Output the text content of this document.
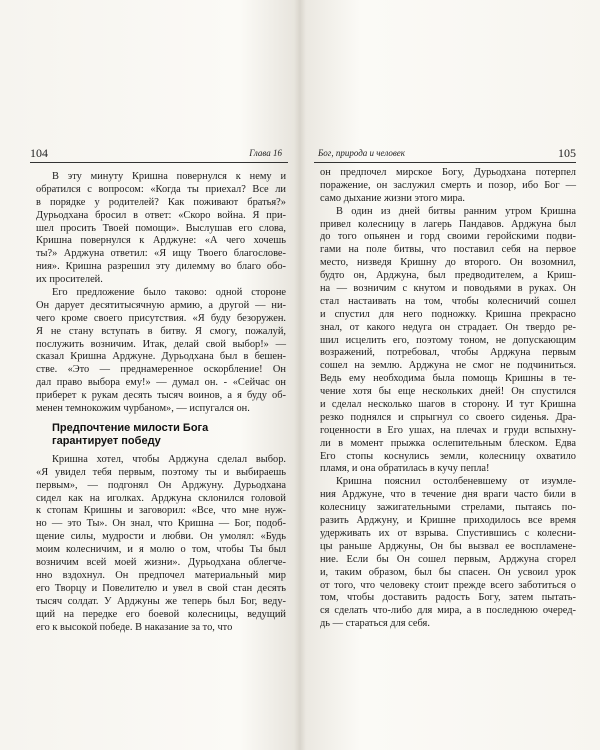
104	Глава 16
В эту минуту Кришна повернулся к нему и
обратился с вопросом: «Когда ты приехал? Все ли
в порядке у родителей? Как поживают братья?»
Дурьодхана бросил в ответ: «Скоро война. Я при-
шел просить Твоей помощи». Выслушав его слова,
Кришна повернулся к Арджуне: «А чего хочешь
ты?» Арджуна ответил: «Я ищу Твоего благослове-
ния». Кришна разрешил эту дилемму во благо обо-
их просителей.
Его предложение было таково: одной стороне
Он дарует десятитысячную армию, а другой — ни-
чего кроме своего присутствия. «Я буду безоружен.
Я не стану вступать в битву. Я смогу, пожалуй,
послужить возничим. Итак, делай свой выбор!» —
сказал Кришна Арджуне. Дурьодхана был в бешен-
стве. «Это — преднамеренное оскорбление! Он
дал право выбора ему!» — думал он. - «Сейчас он
приберет к рукам десять тысяч воинов, а я буду об-
менен темнокожим чурбаном», — испугался он.
Предпочтение милости Бога
гарантирует победу
Кришна хотел, чтобы Арджуна сделал выбор.
«Я увидел тебя первым, поэтому ты и выбираешь
первым», — подгонял Он Арджуну. Дурьодхана
сидел как на иголках. Арджуна склонился головой
к стопам Кришны и заговорил: «Все, что мне нуж-
но — это Ты». Он знал, что Кришна — Бог, подоб-
щение силы, мудрости и любви. Он умолял: «Будь
моим колесничим, и я молю о том, чтобы Ты был
возничим всей моей жизни». Дурьодхана облегче-
нно вздохнул. Он предпочел материальный мир
его Творцу и Повелителю и увел в свой стан десять
тысяч солдат. У Арджуны же теперь был Бог, веду-
щий на передке его боевой колесницы, ведущий
его к высокой победе. В наказание за то, что
Бог, природа и человек	105
он предпочел мирское Богу, Дурьодхана потерпел
поражение, он заслужил смерть и позор, ибо Бог —
само дыхание жизни этого мира.
В один из дней битвы ранним утром Кришна
привел колесницу в лагерь Пандавов. Арджуна был
до того опьянен и горд своими геройскими подви-
гами на поле битвы, что поставил себя на первое
место, низведя Кришну до второго. Он возомнил,
будто он, Арджуна, был предводителем, а Криш-
на — возничим с кнутом и поводьями в руках. Он
стал настаивать на том, чтобы колесничий сошел
и спустил для него подножку. Кришна прекрасно
знал, от какого недуга он страдает. Он твердо ре-
шил исцелить его, поэтому тоном, не допускающим
возражений, потребовал, чтобы Арджуна первым
сошел на землю. Арджуна не смог не подчиниться.
Ведь ему необходима была помощь Кришны в те-
чение хотя бы еще нескольких дней! Он спустился
и сделал несколько шагов в сторону. И тут Кришна
резко поднялся и спрыгнул со своего сиденья. Дра-
гоценности в Его ушах, на плечах и груди вспыхну-
ли в момент прыжка ослепительным блеском. Едва
Его стопы коснулись земли, колесницу охватило
пламя, и она обратилась в кучу пепла!
Кришна пояснил остолбеневшему от изумле-
ния Арджуне, что в течение дня враги часто били в
колесницу зажигательными стрелами, пытаясь по-
разить Арджуну, и Кришне приходилось все время
удерживать их от взрыва. Спустившись с колесни-
цы раньше Арджуны, Он бы вызвал ее воспламене-
ние. Если бы Он сошел первым, Арджуна сгорел
и, таким образом, был бы спасен. Он усвоил урок
от того, что человеку стоит прежде всего заботиться о
том, чтобы доставить радость Богу, затем пытать-
ся сделать что-либо для мира, а в последнюю очеред-
дь — стараться для себя.
